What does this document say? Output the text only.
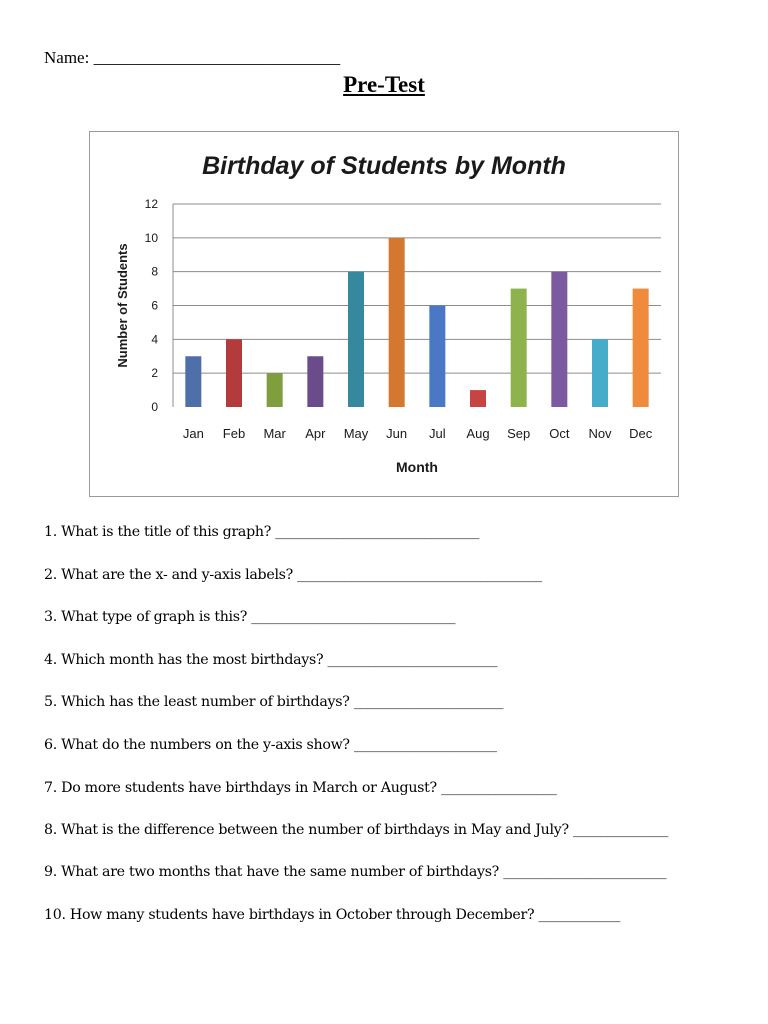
Name: _____________________________
Pre-Test
Birthday of Students by Month
0
2
4
6
8
10
12
Jan Feb Mar Apr May Jun Jul Aug Sep Oct Nov Dec
Number of Students
Month
1. What is the title of this graph? ______________________________
2. What are the x- and y-axis labels? ____________________________________
3. What type of graph is this? ______________________________
4. Which month has the most birthdays? _________________________
5. Which has the least number of birthdays? ______________________
6. What do the numbers on the y-axis show? _____________________
7. Do more students have birthdays in March or August? _________________
8. What is the difference between the number of birthdays in May and July? ______________
9. What are two months that have the same number of birthdays? ________________________
10. How many students have birthdays in October through December? ____________
